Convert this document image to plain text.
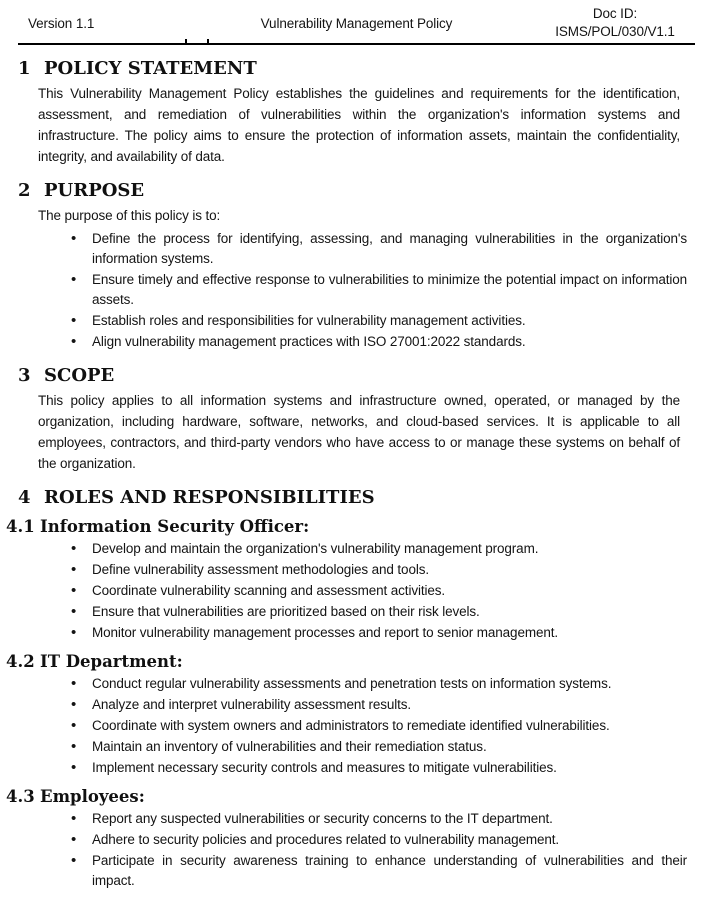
Version 1.1	Vulnerability Management Policy
Doc ID:
ISMS/POL/030/V1.1
1 POLICY STATEMENT

This Vulnerability Management Policy establishes the guidelines and requirements for the identification, assessment, and remediation of vulnerabilities within the organization's information systems and infrastructure. The policy aims to ensure the protection of information assets, maintain the confidentiality, integrity, and availability of data.

2 PURPOSE

The purpose of this policy is to:

• Define the process for identifying, assessing, and managing vulnerabilities in the organization's information systems.
• Ensure timely and effective response to vulnerabilities to minimize the potential impact on information assets.
• Establish roles and responsibilities for vulnerability management activities.
• Align vulnerability management practices with ISO 27001:2022 standards.
3 SCOPE

This policy applies to all information systems and infrastructure owned, operated, or managed by the organization, including hardware, software, networks, and cloud-based services. It is applicable to all employees, contractors, and third-party vendors who have access to or manage these systems on behalf of the organization.

4 ROLES AND RESPONSIBILITIES
4.1 Information Security Officer:
• Develop and maintain the organization's vulnerability management program.
• Define vulnerability assessment methodologies and tools.
• Coordinate vulnerability scanning and assessment activities.
• Ensure that vulnerabilities are prioritized based on their risk levels.
• Monitor vulnerability management processes and report to senior management.
4.2 IT Department:
• Conduct regular vulnerability assessments and penetration tests on information systems.
• Analyze and interpret vulnerability assessment results.
• Coordinate with system owners and administrators to remediate identified vulnerabilities.
• Maintain an inventory of vulnerabilities and their remediation status.
• Implement necessary security controls and measures to mitigate vulnerabilities.
4.3 Employees:
• Report any suspected vulnerabilities or security concerns to the IT department.
• Adhere to security policies and procedures related to vulnerability management.
• Participate in security awareness training to enhance understanding of vulnerabilities and their impact.
